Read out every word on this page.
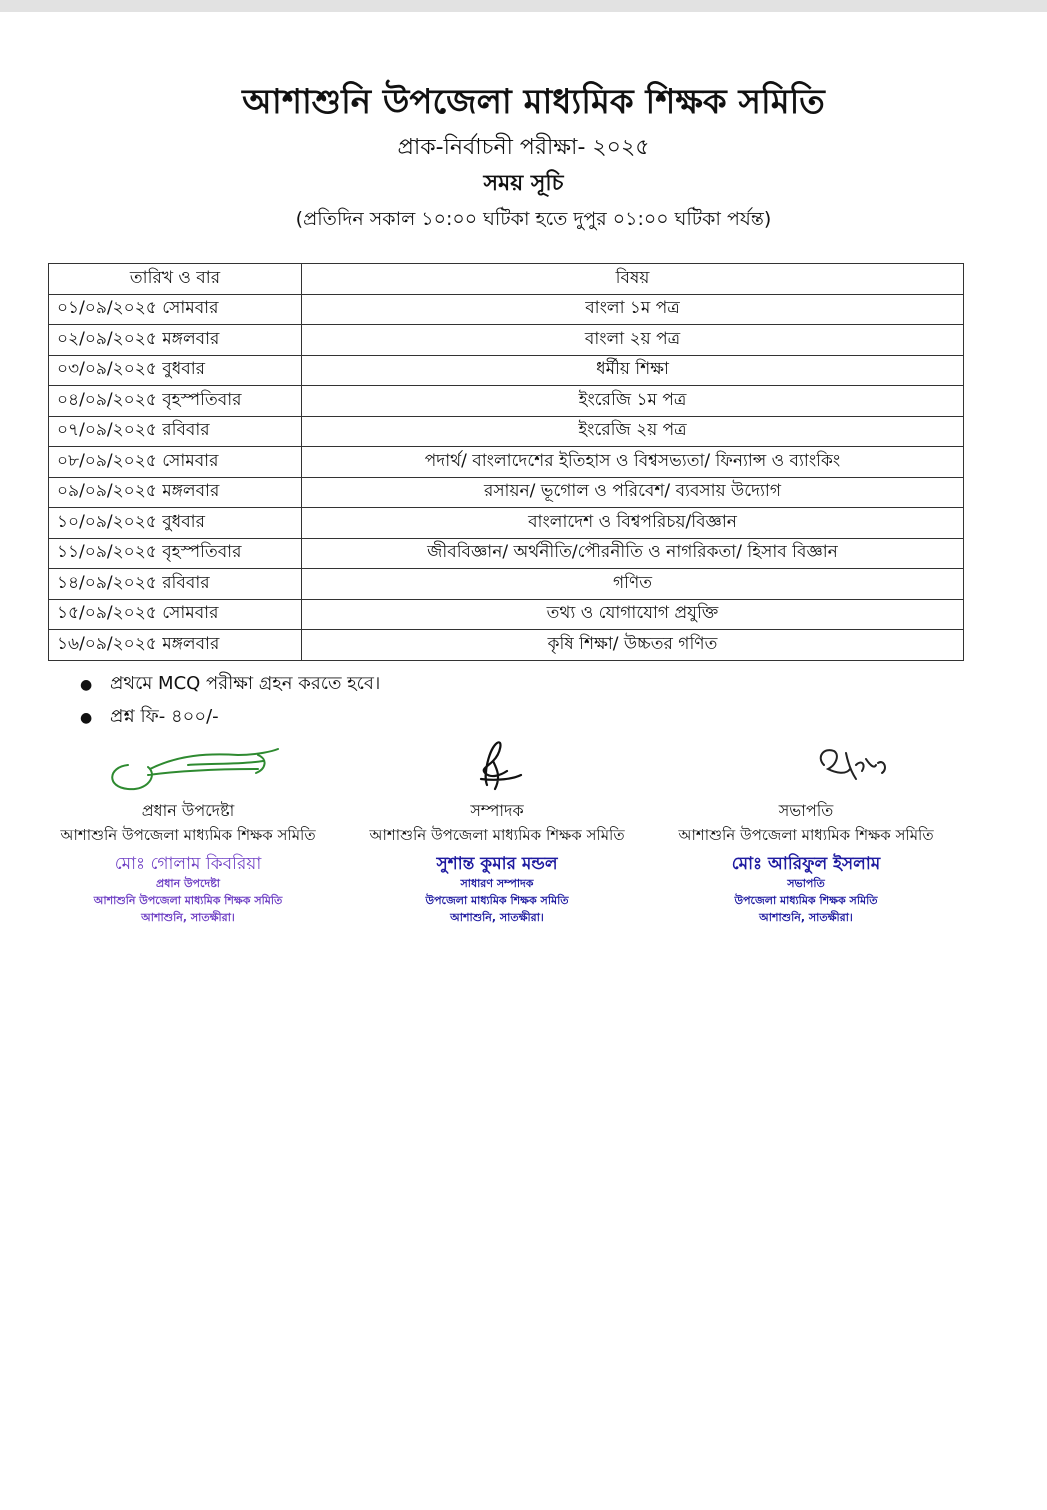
আশাশুনি উপজেলা মাধ্যমিক শিক্ষক সমিতি
প্রাক-নির্বাচনী পরীক্ষা- ২০২৫
সময় সূচি
(প্রতিদিন সকাল ১০:০০ ঘটিকা হতে দুপুর ০১:০০ ঘটিকা পর্যন্ত)
তারিখ ও বার	বিষয়
০১/০৯/২০২৫ সোমবার	বাংলা ১ম পত্র
০২/০৯/২০২৫ মঙ্গলবার	বাংলা ২য় পত্র
০৩/০৯/২০২৫ বুধবার	ধর্মীয় শিক্ষা
০৪/০৯/২০২৫ বৃহস্পতিবার	ইংরেজি ১ম পত্র
০৭/০৯/২০২৫ রবিবার	ইংরেজি ২য় পত্র
০৮/০৯/২০২৫ সোমবার	পদার্থ/ বাংলাদেশের ইতিহাস ও বিশ্বসভ্যতা/ ফিন্যান্স ও ব্যাংকিং
০৯/০৯/২০২৫ মঙ্গলবার	রসায়ন/ ভূগোল ও পরিবেশ/ ব্যবসায় উদ্যোগ
১০/০৯/২০২৫ বুধবার	বাংলাদেশ ও বিশ্বপরিচয়/বিজ্ঞান
১১/০৯/২০২৫ বৃহস্পতিবার	জীববিজ্ঞান/ অর্থনীতি/পৌরনীতি ও নাগরিকতা/ হিসাব বিজ্ঞান
১৪/০৯/২০২৫ রবিবার	গণিত
১৫/০৯/২০২৫ সোমবার	তথ্য ও যোগাযোগ প্রযুক্তি
১৬/০৯/২০২৫ মঙ্গলবার	কৃষি শিক্ষা/ উচ্চতর গণিত
● প্রথমে MCQ পরীক্ষা গ্রহন করতে হবে।
● প্রশ্ন ফি- ৪০০/-
প্রধান উপদেষ্টা
আশাশুনি উপজেলা মাধ্যমিক শিক্ষক সমিতি
মোঃ গোলাম কিবরিয়া
প্রধান উপদেষ্টা
আশাশুনি উপজেলা মাধ্যমিক শিক্ষক সমিতি
আশাশুনি, সাতক্ষীরা।
সম্পাদক
আশাশুনি উপজেলা মাধ্যমিক শিক্ষক সমিতি
সুশান্ত কুমার মন্ডল
সাধারণ সম্পাদক
উপজেলা মাধ্যমিক শিক্ষক সমিতি
আশাশুনি, সাতক্ষীরা।
সভাপতি
আশাশুনি উপজেলা মাধ্যমিক শিক্ষক সমিতি
মোঃ আরিফুল ইসলাম
সভাপতি
উপজেলা মাধ্যমিক শিক্ষক সমিতি
আশাশুনি, সাতক্ষীরা।
